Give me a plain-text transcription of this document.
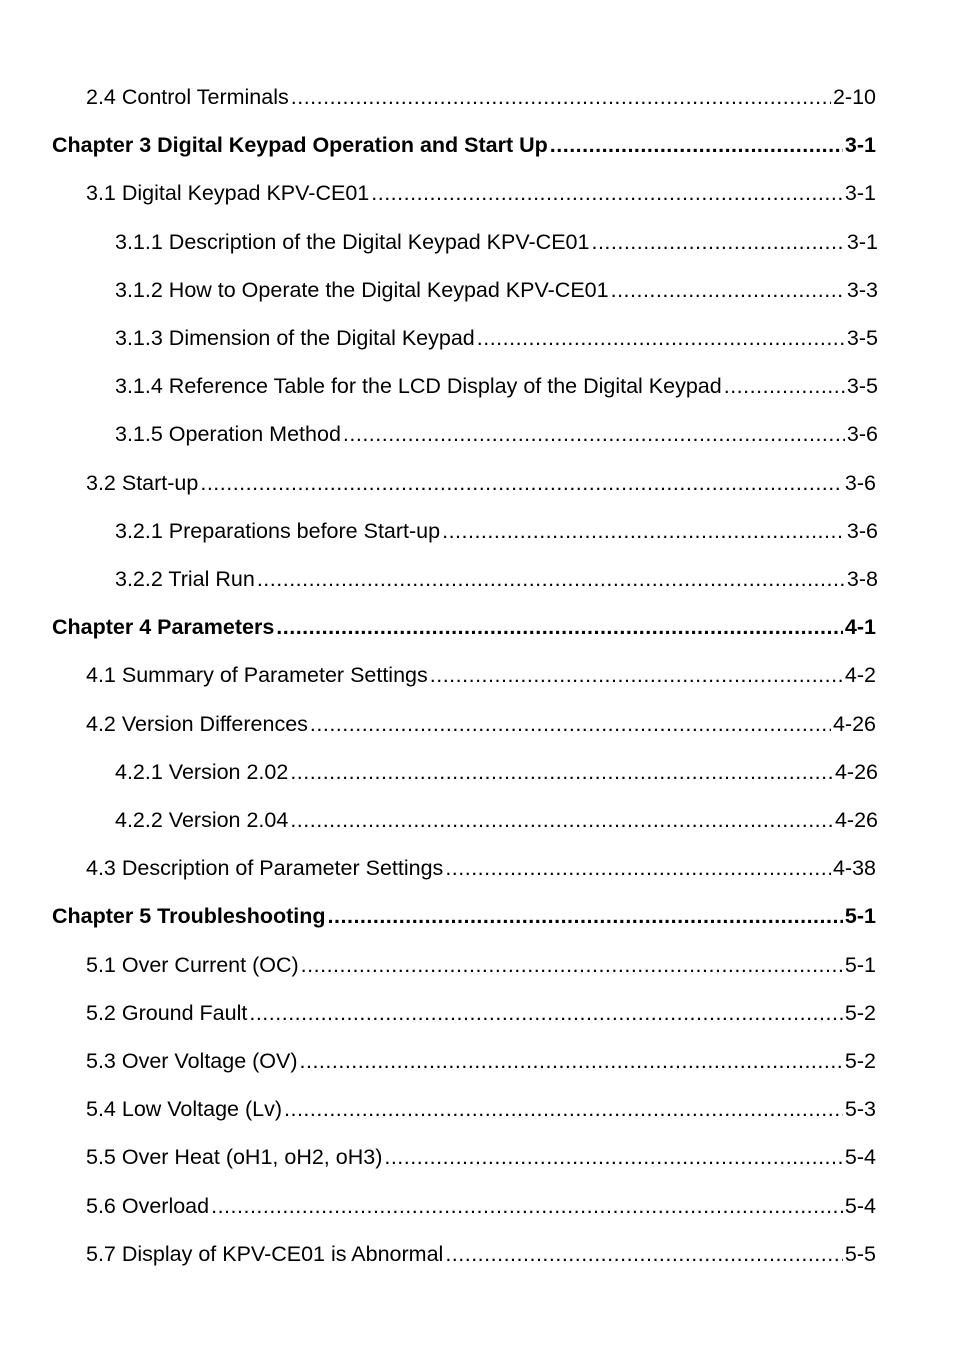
2.4 Control Terminals .....	2-10
Chapter 3 Digital Keypad Operation and Start Up .....	3-1
3.1 Digital Keypad KPV-CE01 .....	3-1
3.1.1 Description of the Digital Keypad KPV-CE01 .....	3-1
3.1.2 How to Operate the Digital Keypad KPV-CE01 .....	3-3
3.1.3 Dimension of the Digital Keypad .....	3-5
3.1.4 Reference Table for the LCD Display of the Digital Keypad .....	3-5
3.1.5 Operation Method .....	3-6
3.2 Start-up .....	3-6
3.2.1 Preparations before Start-up .....	3-6
3.2.2 Trial Run .....	3-8
Chapter 4 Parameters .....	4-1
4.1 Summary of Parameter Settings .....	4-2
4.2 Version Differences .....	4-26
4.2.1 Version 2.02 .....	4-26
4.2.2 Version 2.04 .....	4-26
4.3 Description of Parameter Settings .....	4-38
Chapter 5 Troubleshooting .....	5-1
5.1 Over Current (OC) .....	5-1
5.2 Ground Fault .....	5-2
5.3 Over Voltage (OV) .....	5-2
5.4 Low Voltage (Lv) .....	5-3
5.5 Over Heat (oH1, oH2, oH3) .....	5-4
5.6 Overload .....	5-4
5.7 Display of KPV-CE01 is Abnormal .....	5-5
